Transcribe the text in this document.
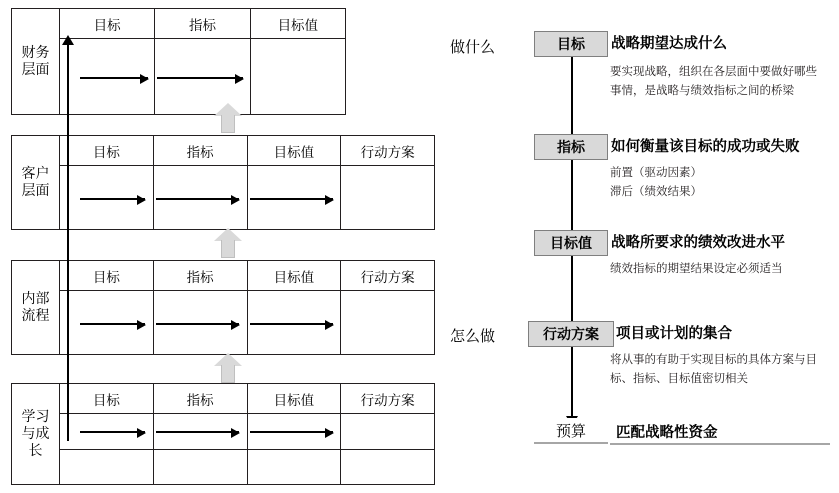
财务
层面
目标	指标	目标值
客户
层面
目标	指标	目标值	行动方案
内部
流程
目标	指标	目标值	行动方案
学习
与成
长
目标	指标	目标值	行动方案
做什么
怎么做
目标	战略期望达成什么
要实现战略，组织在各层面中要做好哪些事情，是战略与绩效指标之间的桥梁
指标	如何衡量该目标的成功或失败
前置（驱动因素）
滞后（绩效结果）
目标值	战略所要求的绩效改进水平
绩效指标的期望结果设定必须适当
行动方案	项目或计划的集合
将从事的有助于实现目标的具体方案与目标、指标、目标值密切相关
预算	匹配战略性资金
